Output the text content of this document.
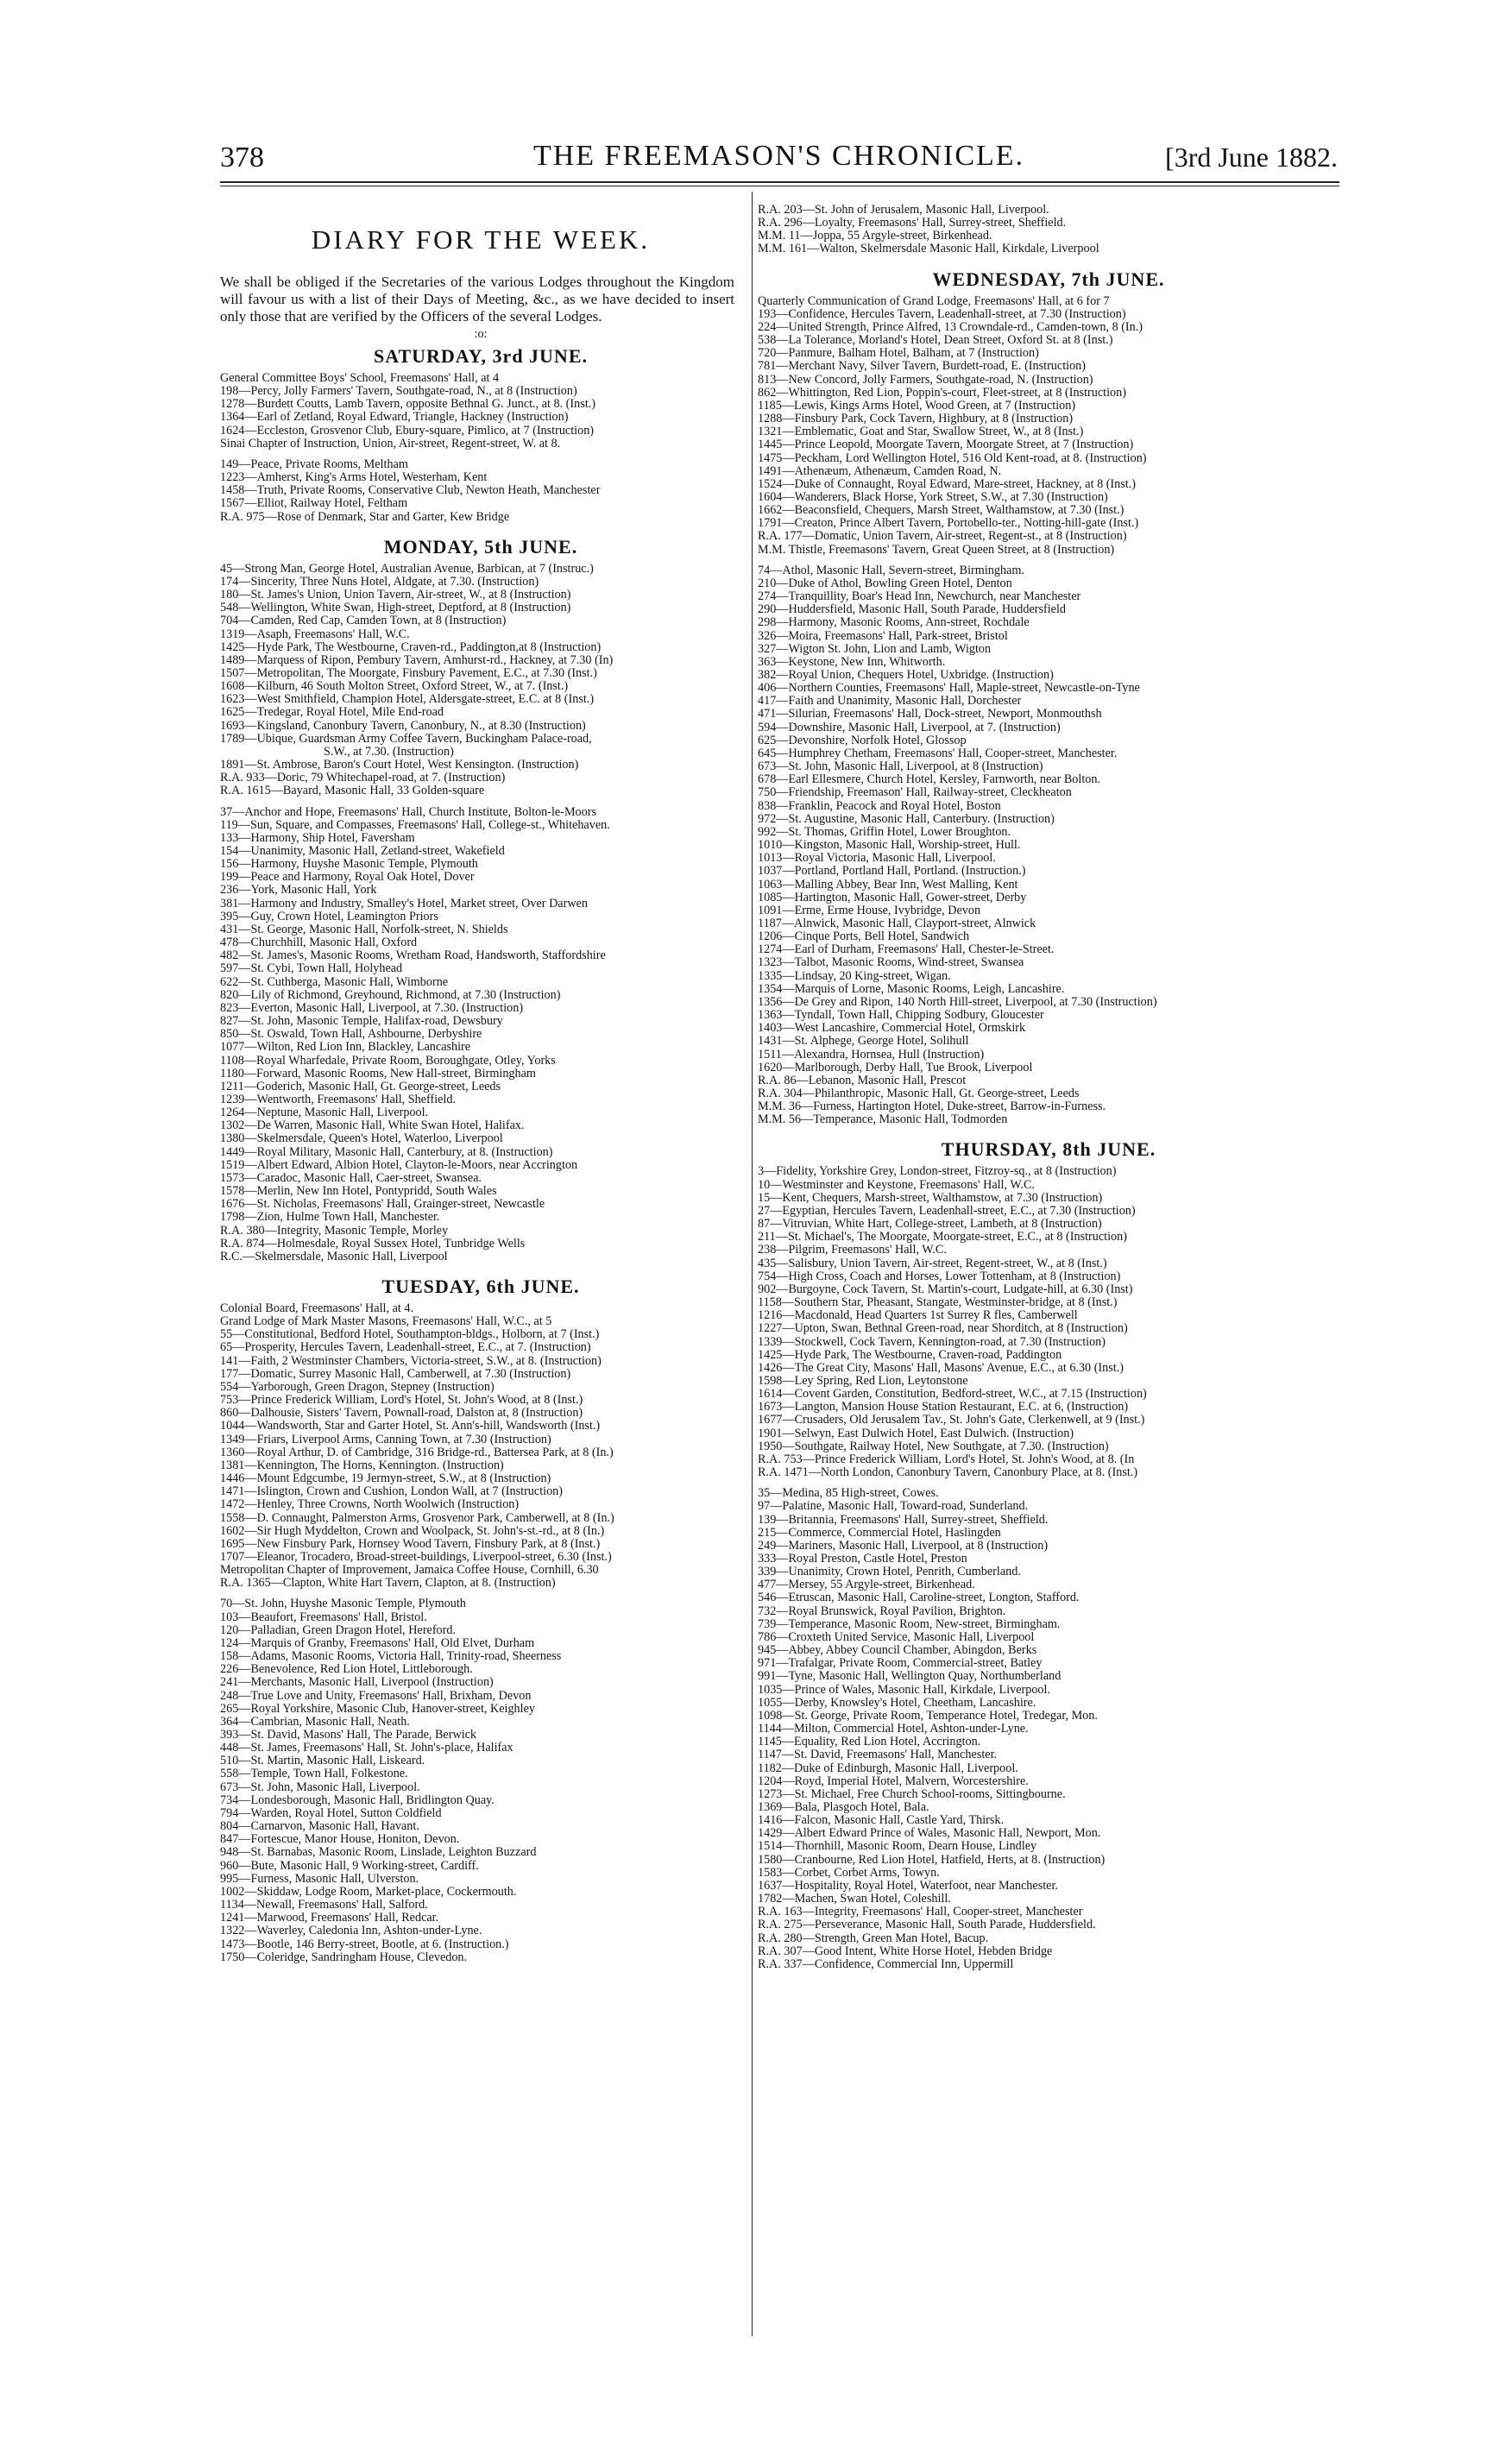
378	THE FREEMASON'S CHRONICLE.	[3rd June 1882.
DIARY FOR THE WEEK.
We shall be obliged if the Secretaries of the various Lodges throughout the Kingdom will favour us with a list of their Days of Meeting, &c., as we have decided to insert only those that are verified by the Officers of the several Lodges.
:o:
SATURDAY, 3rd JUNE.
General Committee Boys' School, Freemasons' Hall, at 4
198—Percy, Jolly Farmers' Tavern, Southgate-road, N., at 8 (Instruction)
1278—Burdett Coutts, Lamb Tavern, opposite Bethnal G. Junct., at 8. (Inst.)
1364—Earl of Zetland, Royal Edward, Triangle, Hackney (Instruction)
1624—Eccleston, Grosvenor Club, Ebury-square, Pimlico, at 7 (Instruction)
Sinai Chapter of Instruction, Union, Air-street, Regent-street, W. at 8.
149—Peace, Private Rooms, Meltham
1223—Amherst, King's Arms Hotel, Westerham, Kent
1458—Truth, Private Rooms, Conservative Club, Newton Heath, Manchester
1567—Elliot, Railway Hotel, Feltham
R.A. 975—Rose of Denmark, Star and Garter, Kew Bridge
MONDAY, 5th JUNE.
45—Strong Man, George Hotel, Australian Avenue, Barbican, at 7 (Instruc.)
174—Sincerity, Three Nuns Hotel, Aldgate, at 7.30. (Instruction)
180—St. James's Union, Union Tavern, Air-street, W., at 8 (Instruction)
548—Wellington, White Swan, High-street, Deptford, at 8 (Instruction)
704—Camden, Red Cap, Camden Town, at 8 (Instruction)
1319—Asaph, Freemasons' Hall, W.C.
1425—Hyde Park, The Westbourne, Craven-rd., Paddington,at 8 (Instruction)
1489—Marquess of Ripon, Pembury Tavern, Amhurst-rd., Hackney, at 7.30 (In)
1507—Metropolitan, The Moorgate, Finsbury Pavement, E.C., at 7.30 (Inst.)
1608—Kilburn, 46 South Molton Street, Oxford Street, W., at 7. (Inst.)
1623—West Smithfield, Champion Hotel, Aldersgate-street, E.C. at 8 (Inst.)
1625—Tredegar, Royal Hotel, Mile End-road
1693—Kingsland, Canonbury Tavern, Canonbury, N., at 8.30 (Instruction)
1789—Ubique, Guardsman Army Coffee Tavern, Buckingham Palace-road,
S.W., at 7.30. (Instruction)
1891—St. Ambrose, Baron's Court Hotel, West Kensington. (Instruction)
R.A. 933—Doric, 79 Whitechapel-road, at 7. (Instruction)
R.A. 1615—Bayard, Masonic Hall, 33 Golden-square
37—Anchor and Hope, Freemasons' Hall, Church Institute, Bolton-le-Moors
119—Sun, Square, and Compasses, Freemasons' Hall, College-st., Whitehaven.
133—Harmony, Ship Hotel, Faversham
154—Unanimity, Masonic Hall, Zetland-street, Wakefield
156—Harmony, Huyshe Masonic Temple, Plymouth
199—Peace and Harmony, Royal Oak Hotel, Dover
236—York, Masonic Hall, York
381—Harmony and Industry, Smalley's Hotel, Market street, Over Darwen
395—Guy, Crown Hotel, Leamington Priors
431—St. George, Masonic Hall, Norfolk-street, N. Shields
478—Churchhill, Masonic Hall, Oxford
482—St. James's, Masonic Rooms, Wretham Road, Handsworth, Staffordshire
597—St. Cybi, Town Hall, Holyhead
622—St. Cuthberga, Masonic Hall, Wimborne
820—Lily of Richmond, Greyhound, Richmond, at 7.30 (Instruction)
823—Everton, Masonic Hall, Liverpool, at 7.30. (Instruction)
827—St. John, Masonic Temple, Halifax-road, Dewsbury
850—St. Oswald, Town Hall, Ashbourne, Derbyshire
1077—Wilton, Red Lion Inn, Blackley, Lancashire
1108—Royal Wharfedale, Private Room, Boroughgate, Otley, Yorks
1180—Forward, Masonic Rooms, New Hall-street, Birmingham
1211—Goderich, Masonic Hall, Gt. George-street, Leeds
1239—Wentworth, Freemasons' Hall, Sheffield.
1264—Neptune, Masonic Hall, Liverpool.
1302—De Warren, Masonic Hall, White Swan Hotel, Halifax.
1380—Skelmersdale, Queen's Hotel, Waterloo, Liverpool
1449—Royal Military, Masonic Hall, Canterbury, at 8. (Instruction)
1519—Albert Edward, Albion Hotel, Clayton-le-Moors, near Accrington
1573—Caradoc, Masonic Hall, Caer-street, Swansea.
1578—Merlin, New Inn Hotel, Pontypridd, South Wales
1676—St. Nicholas, Freemasons' Hall, Grainger-street, Newcastle
1798—Zion, Hulme Town Hall, Manchester.
R.A. 380—Integrity, Masonic Temple, Morley
R.A. 874—Holmesdale, Royal Sussex Hotel, Tunbridge Wells
R.C.—Skelmersdale, Masonic Hall, Liverpool
TUESDAY, 6th JUNE.
Colonial Board, Freemasons' Hall, at 4.
Grand Lodge of Mark Master Masons, Freemasons' Hall, W.C., at 5
55—Constitutional, Bedford Hotel, Southampton-bldgs., Holborn, at 7 (Inst.)
65—Prosperity, Hercules Tavern, Leadenhall-street, E.C., at 7. (Instruction)
141—Faith, 2 Westminster Chambers, Victoria-street, S.W., at 8. (Instruction)
177—Domatic, Surrey Masonic Hall, Camberwell, at 7.30 (Instruction)
554—Yarborough, Green Dragon, Stepney (Instruction)
753—Prince Frederick William, Lord's Hotel, St. John's Wood, at 8 (Inst.)
860—Dalhousie, Sisters' Tavern, Pownall-road, Dalston at, 8 (Instruction)
1044—Wandsworth, Star and Garter Hotel, St. Ann's-hill, Wandsworth (Inst.)
1349—Friars, Liverpool Arms, Canning Town, at 7.30 (Instruction)
1360—Royal Arthur, D. of Cambridge, 316 Bridge-rd., Battersea Park, at 8 (In.)
1381—Kennington, The Horns, Kennington. (Instruction)
1446—Mount Edgcumbe, 19 Jermyn-street, S.W., at 8 (Instruction)
1471—Islington, Crown and Cushion, London Wall, at 7 (Instruction)
1472—Henley, Three Crowns, North Woolwich (Instruction)
1558—D. Connaught, Palmerston Arms, Grosvenor Park, Camberwell, at 8 (In.)
1602—Sir Hugh Myddelton, Crown and Woolpack, St. John's-st.-rd., at 8 (In.)
1695—New Finsbury Park, Hornsey Wood Tavern, Finsbury Park, at 8 (Inst.)
1707—Eleanor, Trocadero, Broad-street-buildings, Liverpool-street, 6.30 (Inst.)
Metropolitan Chapter of Improvement, Jamaica Coffee House, Cornhill, 6.30
R.A. 1365—Clapton, White Hart Tavern, Clapton, at 8. (Instruction)
70—St. John, Huyshe Masonic Temple, Plymouth
103—Beaufort, Freemasons' Hall, Bristol.
120—Palladian, Green Dragon Hotel, Hereford.
124—Marquis of Granby, Freemasons' Hall, Old Elvet, Durham
158—Adams, Masonic Rooms, Victoria Hall, Trinity-road, Sheerness
226—Benevolence, Red Lion Hotel, Littleborough.
241—Merchants, Masonic Hall, Liverpool (Instruction)
248—True Love and Unity, Freemasons' Hall, Brixham, Devon
265—Royal Yorkshire, Masonic Club, Hanover-street, Keighley
364—Cambrian, Masonic Hall, Neath.
393—St. David, Masons' Hall, The Parade, Berwick
448—St. James, Freemasons' Hall, St. John's-place, Halifax
510—St. Martin, Masonic Hall, Liskeard.
558—Temple, Town Hall, Folkestone.
673—St. John, Masonic Hall, Liverpool.
734—Londesborough, Masonic Hall, Bridlington Quay.
794—Warden, Royal Hotel, Sutton Coldfield
804—Carnarvon, Masonic Hall, Havant.
847—Fortescue, Manor House, Honiton, Devon.
948—St. Barnabas, Masonic Room, Linslade, Leighton Buzzard
960—Bute, Masonic Hall, 9 Working-street, Cardiff.
995—Furness, Masonic Hall, Ulverston.
1002—Skiddaw, Lodge Room, Market-place, Cockermouth.
1134—Newall, Freemasons' Hall, Salford.
1241—Marwood, Freemasons' Hall, Redcar.
1322—Waverley, Caledonia Inn, Ashton-under-Lyne.
1473—Bootle, 146 Berry-street, Bootle, at 6. (Instruction.)
1750—Coleridge, Sandringham House, Clevedon.
R.A. 203—St. John of Jerusalem, Masonic Hall, Liverpool.
R.A. 296—Loyalty, Freemasons' Hall, Surrey-street, Sheffield.
M.M. 11—Joppa, 55 Argyle-street, Birkenhead.
M.M. 161—Walton, Skelmersdale Masonic Hall, Kirkdale, Liverpool
WEDNESDAY, 7th JUNE.
Quarterly Communication of Grand Lodge, Freemasons' Hall, at 6 for 7
193—Confidence, Hercules Tavern, Leadenhall-street, at 7.30 (Instruction)
224—United Strength, Prince Alfred, 13 Crowndale-rd., Camden-town, 8 (In.)
538—La Tolerance, Morland's Hotel, Dean Street, Oxford St. at 8 (Inst.)
720—Panmure, Balham Hotel, Balham, at 7 (Instruction)
781—Merchant Navy, Silver Tavern, Burdett-road, E. (Instruction)
813—New Concord, Jolly Farmers, Southgate-road, N. (Instruction)
862—Whittington, Red Lion, Poppin's-court, Fleet-street, at 8 (Instruction)
1185—Lewis, Kings Arms Hotel, Wood Green, at 7 (Instruction)
1288—Finsbury Park, Cock Tavern, Highbury, at 8 (Instruction)
1321—Emblematic, Goat and Star, Swallow Street, W., at 8 (Inst.)
1445—Prince Leopold, Moorgate Tavern, Moorgate Street, at 7 (Instruction)
1475—Peckham, Lord Wellington Hotel, 516 Old Kent-road, at 8. (Instruction)
1491—Athenæum, Athenæum, Camden Road, N.
1524—Duke of Connaught, Royal Edward, Mare-street, Hackney, at 8 (Inst.)
1604—Wanderers, Black Horse, York Street, S.W., at 7.30 (Instruction)
1662—Beaconsfield, Chequers, Marsh Street, Walthamstow, at 7.30 (Inst.)
1791—Creaton, Prince Albert Tavern, Portobello-ter., Notting-hill-gate (Inst.)
R.A. 177—Domatic, Union Tavern, Air-street, Regent-st., at 8 (Instruction)
M.M. Thistle, Freemasons' Tavern, Great Queen Street, at 8 (Instruction)
74—Athol, Masonic Hall, Severn-street, Birmingham.
210—Duke of Athol, Bowling Green Hotel, Denton
274—Tranquillity, Boar's Head Inn, Newchurch, near Manchester
290—Huddersfield, Masonic Hall, South Parade, Huddersfield
298—Harmony, Masonic Rooms, Ann-street, Rochdale
326—Moira, Freemasons' Hall, Park-street, Bristol
327—Wigton St. John, Lion and Lamb, Wigton
363—Keystone, New Inn, Whitworth.
382—Royal Union, Chequers Hotel, Uxbridge. (Instruction)
406—Northern Counties, Freemasons' Hall, Maple-street, Newcastle-on-Tyne
417—Faith and Unanimity, Masonic Hall, Dorchester
471—Silurian, Freemasons' Hall, Dock-street, Newport, Monmouthsh
594—Downshire, Masonic Hall, Liverpool, at 7. (Instruction)
625—Devonshire, Norfolk Hotel, Glossop
645—Humphrey Chetham, Freemasons' Hall, Cooper-street, Manchester.
673—St. John, Masonic Hall, Liverpool, at 8 (Instruction)
678—Earl Ellesmere, Church Hotel, Kersley, Farnworth, near Bolton.
750—Friendship, Freemason' Hall, Railway-street, Cleckheaton
838—Franklin, Peacock and Royal Hotel, Boston
972—St. Augustine, Masonic Hall, Canterbury. (Instruction)
992—St. Thomas, Griffin Hotel, Lower Broughton.
1010—Kingston, Masonic Hall, Worship-street, Hull.
1013—Royal Victoria, Masonic Hall, Liverpool.
1037—Portland, Portland Hall, Portland. (Instruction.)
1063—Malling Abbey, Bear Inn, West Malling, Kent
1085—Hartington, Masonic Hall, Gower-street, Derby
1091—Erme, Erme House, Ivybridge, Devon
1187—Alnwick, Masonic Hall, Clayport-street, Alnwick
1206—Cinque Ports, Bell Hotel, Sandwich
1274—Earl of Durham, Freemasons' Hall, Chester-le-Street.
1323—Talbot, Masonic Rooms, Wind-street, Swansea
1335—Lindsay, 20 King-street, Wigan.
1354—Marquis of Lorne, Masonic Rooms, Leigh, Lancashire.
1356—De Grey and Ripon, 140 North Hill-street, Liverpool, at 7.30 (Instruction)
1363—Tyndall, Town Hall, Chipping Sodbury, Gloucester
1403—West Lancashire, Commercial Hotel, Ormskirk
1431—St. Alphege, George Hotel, Solihull
1511—Alexandra, Hornsea, Hull (Instruction)
1620—Marlborough, Derby Hall, Tue Brook, Liverpool
R.A. 86—Lebanon, Masonic Hall, Prescot
R.A. 304—Philanthropic, Masonic Hall, Gt. George-street, Leeds
M.M. 36—Furness, Hartington Hotel, Duke-street, Barrow-in-Furness.
M.M. 56—Temperance, Masonic Hall, Todmorden
THURSDAY, 8th JUNE.
3—Fidelity, Yorkshire Grey, London-street, Fitzroy-sq., at 8 (Instruction)
10—Westminster and Keystone, Freemasons' Hall, W.C.
15—Kent, Chequers, Marsh-street, Walthamstow, at 7.30 (Instruction)
27—Egyptian, Hercules Tavern, Leadenhall-street, E.C., at 7.30 (Instruction)
87—Vitruvian, White Hart, College-street, Lambeth, at 8 (Instruction)
211—St. Michael's, The Moorgate, Moorgate-street, E.C., at 8 (Instruction)
238—Pilgrim, Freemasons' Hall, W.C.
435—Salisbury, Union Tavern, Air-street, Regent-street, W., at 8 (Inst.)
754—High Cross, Coach and Horses, Lower Tottenham, at 8 (Instruction)
902—Burgoyne, Cock Tavern, St. Martin's-court, Ludgate-hill, at 6.30 (Inst)
1158—Southern Star, Pheasant, Stangate, Westminster-bridge, at 8 (Inst.)
1216—Macdonald, Head Quarters 1st Surrey R fles, Camberwell
1227—Upton, Swan, Bethnal Green-road, near Shorditch, at 8 (Instruction)
1339—Stockwell, Cock Tavern, Kennington-road, at 7.30 (Instruction)
1425—Hyde Park, The Westbourne, Craven-road, Paddington
1426—The Great City, Masons' Hall, Masons' Avenue, E.C., at 6.30 (Inst.)
1598—Ley Spring, Red Lion, Leytonstone
1614—Covent Garden, Constitution, Bedford-street, W.C., at 7.15 (Instruction)
1673—Langton, Mansion House Station Restaurant, E.C. at 6, (Instruction)
1677—Crusaders, Old Jerusalem Tav., St. John's Gate, Clerkenwell, at 9 (Inst.)
1901—Selwyn, East Dulwich Hotel, East Dulwich. (Instruction)
1950—Southgate, Railway Hotel, New Southgate, at 7.30. (Instruction)
R.A. 753—Prince Frederick William, Lord's Hotel, St. John's Wood, at 8. (In
R.A. 1471—North London, Canonbury Tavern, Canonbury Place, at 8. (Inst.)
35—Medina, 85 High-street, Cowes.
97—Palatine, Masonic Hall, Toward-road, Sunderland.
139—Britannia, Freemasons' Hall, Surrey-street, Sheffield.
215—Commerce, Commercial Hotel, Haslingden
249—Mariners, Masonic Hall, Liverpool, at 8 (Instruction)
333—Royal Preston, Castle Hotel, Preston
339—Unanimity, Crown Hotel, Penrith, Cumberland.
477—Mersey, 55 Argyle-street, Birkenhead.
546—Etruscan, Masonic Hall, Caroline-street, Longton, Stafford.
732—Royal Brunswick, Royal Pavilion, Brighton.
739—Temperance, Masonic Room, New-street, Birmingham.
786—Croxteth United Service, Masonic Hall, Liverpool
945—Abbey, Abbey Council Chamber, Abingdon, Berks
971—Trafalgar, Private Room, Commercial-street, Batley
991—Tyne, Masonic Hall, Wellington Quay, Northumberland
1035—Prince of Wales, Masonic Hall, Kirkdale, Liverpool.
1055—Derby, Knowsley's Hotel, Cheetham, Lancashire.
1098—St. George, Private Room, Temperance Hotel, Tredegar, Mon.
1144—Milton, Commercial Hotel, Ashton-under-Lyne.
1145—Equality, Red Lion Hotel, Accrington.
1147—St. David, Freemasons' Hall, Manchester.
1182—Duke of Edinburgh, Masonic Hall, Liverpool.
1204—Royd, Imperial Hotel, Malvern, Worcestershire.
1273—St. Michael, Free Church School-rooms, Sittingbourne.
1369—Bala, Plasgoch Hotel, Bala.
1416—Falcon, Masonic Hall, Castle Yard, Thirsk.
1429—Albert Edward Prince of Wales, Masonic Hall, Newport, Mon.
1514—Thornhill, Masonic Room, Dearn House, Lindley
1580—Cranbourne, Red Lion Hotel, Hatfield, Herts, at 8. (Instruction)
1583—Corbet, Corbet Arms, Towyn.
1637—Hospitality, Royal Hotel, Waterfoot, near Manchester.
1782—Machen, Swan Hotel, Coleshill.
R.A. 163—Integrity, Freemasons' Hall, Cooper-street, Manchester
R.A. 275—Perseverance, Masonic Hall, South Parade, Huddersfield.
R.A. 280—Strength, Green Man Hotel, Bacup.
R.A. 307—Good Intent, White Horse Hotel, Hebden Bridge
R.A. 337—Confidence, Commercial Inn, Uppermill
